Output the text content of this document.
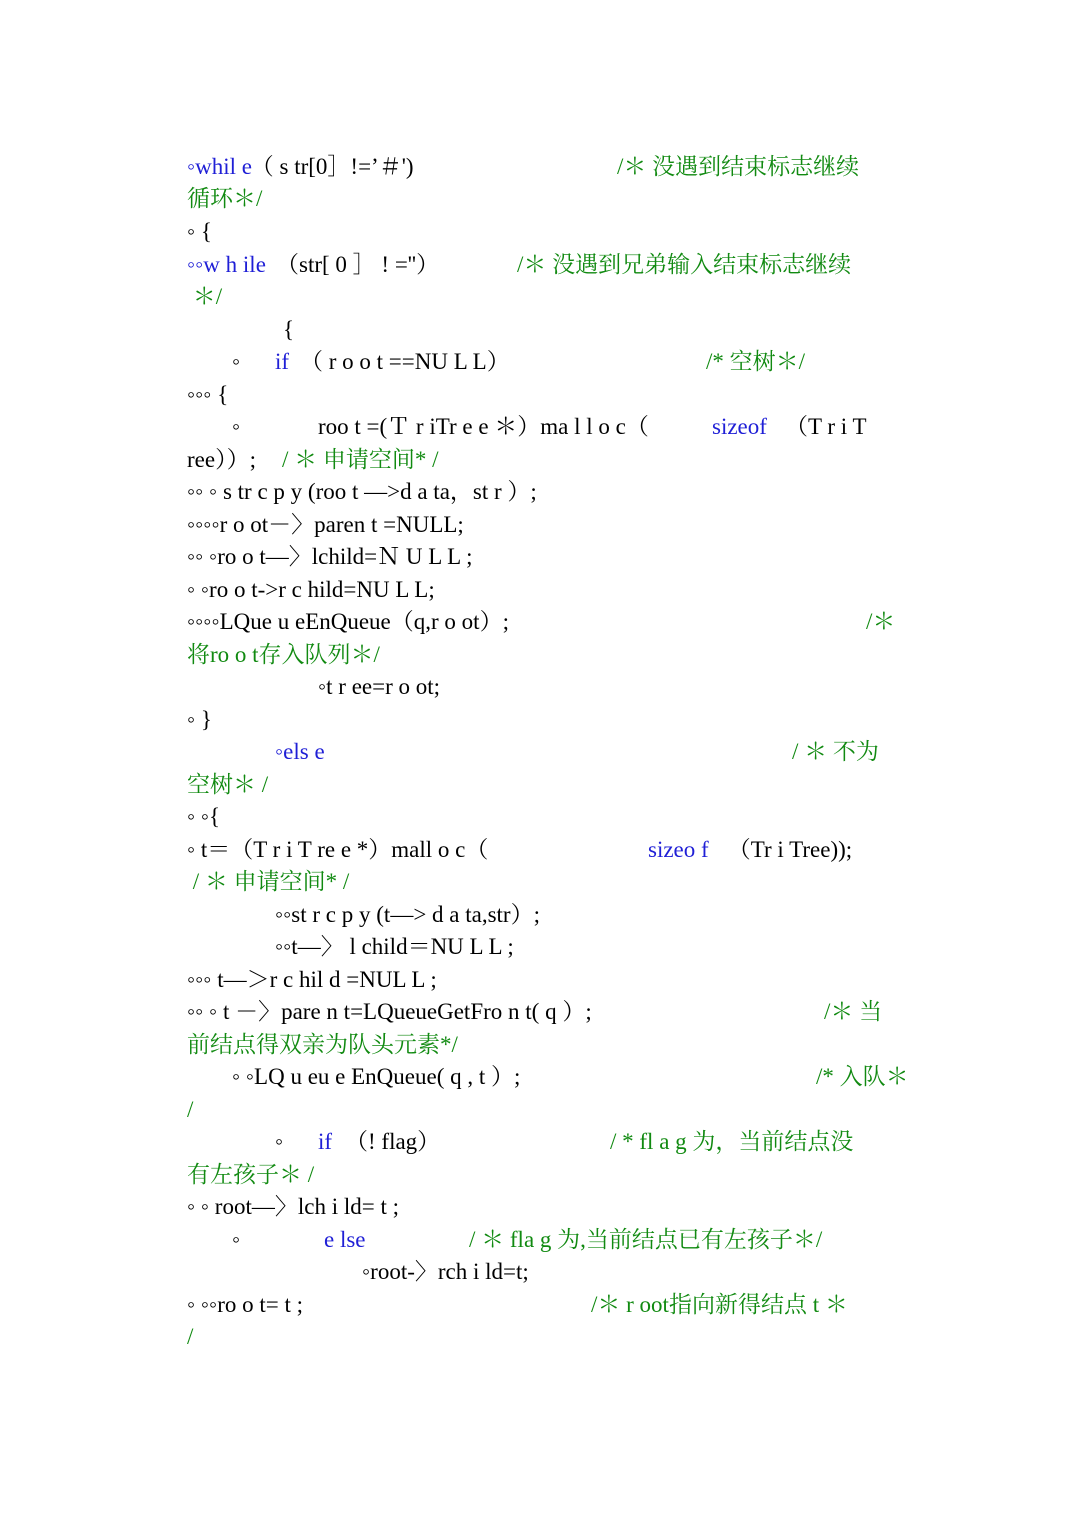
◦whil e
（ s tr[0］!=’＃')	/＊ 没遇到结束标志继续
循环＊/
◦ {
◦◦w h ile （str[ 0 ］ ! =''）	/＊ 没遇到兄弟输入结束标志继续
＊/
{
◦ if （ r o o t ==NU L L）	/* 空树＊/
◦◦◦ {
◦	roo t =(Ｔ r iTr e e ＊）ma l l o c（	sizeof （T r i T
ree））; / ＊ 申请空间* /
◦◦ ◦ s tr c p y (roo t —>d a ta，st r ）;
◦◦◦◦r o ot－〉paren t =NULL;
◦◦ ◦ro o t—〉lchild=Ｎ U L L ;
◦ ◦ro o t->r c hild=NU L L;
◦◦◦◦LQue u eEnQueue（q,r o ot）;	/＊
将ro o t存入队列＊/
◦t r ee=r o ot;
◦ }
◦els e	/ ＊ 不为
空树＊ /
◦ ◦{
◦ t＝（T r i T re e *）mall o c（	sizeo f （Tr i Tree));
/ ＊ 申请空间* /
◦◦st r c p y (t—> d a ta,str）;
◦◦t—〉 l child＝NU L L ;
◦◦◦ t—＞r c hil d =NUL L ;
◦◦ ◦ t －〉pare n t=LQueueGetFro n t( q ）;	/＊ 当
前结点得双亲为队头元素*/
◦ ◦LQ u eu e EnQueue( q , t ）;	/* 入队＊
/
◦ if （! flag）	/ * fl a g 为，当前结点没
有左孩子＊ /
◦ ◦ root—〉lch i ld= t ;
◦	e lse
	/ ＊ fla g 为,当前结点已有左孩子＊/
◦root-〉rch i ld=t;
◦ ◦◦ro o t= t ;	/＊ r oot指向新得结点 t ＊
/
